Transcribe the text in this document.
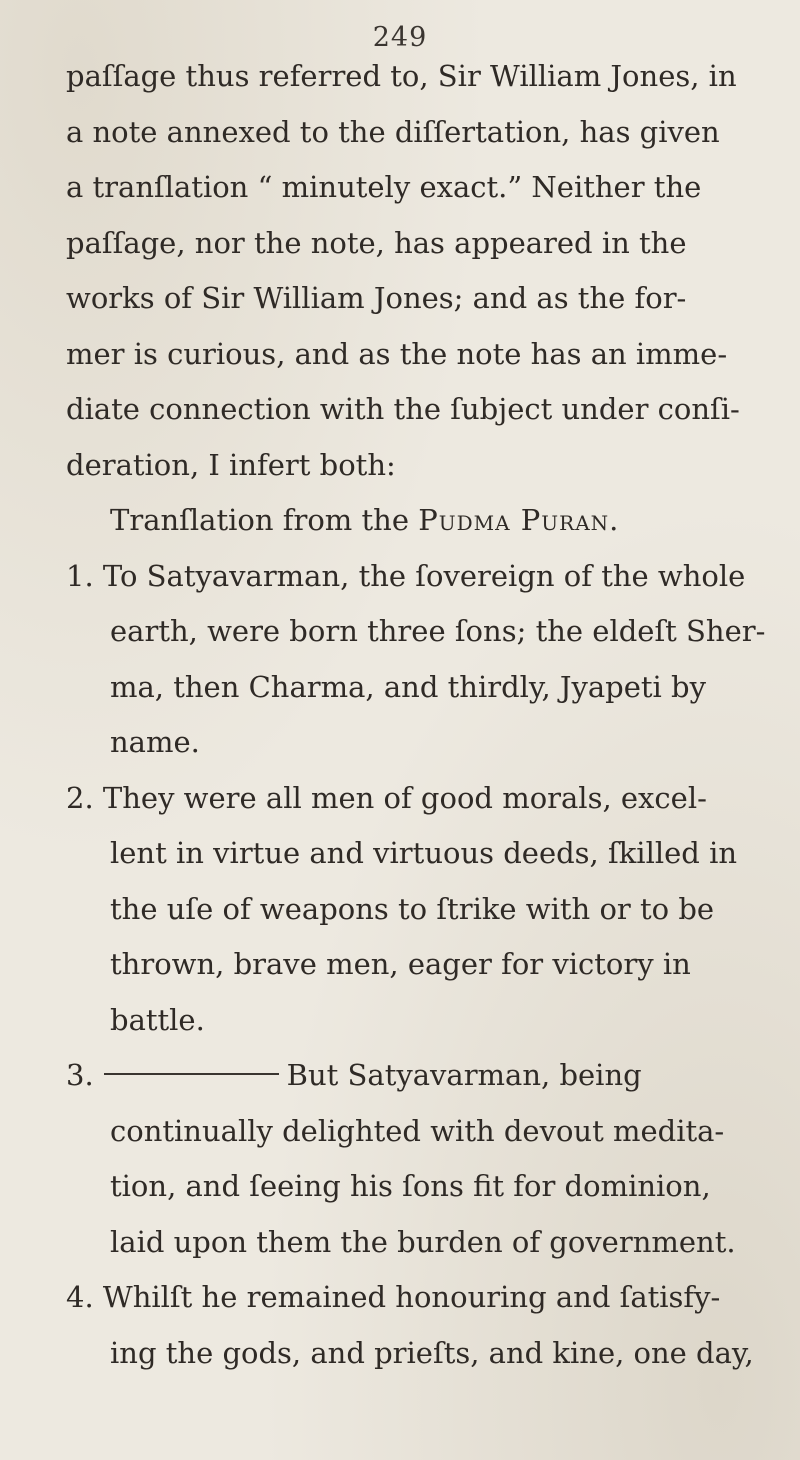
249
paſſage thus referred to, Sir William Jones, in
a note annexed to the diſſertation, has given
a tranſlation “ minutely exact.” Neither the
paſſage, nor the note, has appeared in the
works of Sir William Jones; and as the for-
mer is curious, and as the note has an imme-
diate connection with the ſubject under conſi-
deration, I infert both:
Tranſlation from the Pudma Puran.
1. To Satyavarman, the ſovereign of the whole
earth, were born three ſons; the eldeſt Sher-
ma, then Charma, and thirdly, Jyapeti by
name.
2. They were all men of good morals, excel-
lent in virtue and virtuous deeds, ſkilled in
the uſe of weapons to ſtrike with or to be
thrown, brave men, eager for victory in
battle.
3.	But Satyavarman, being
continually delighted with devout medita-
tion, and ſeeing his ſons fit for dominion,
laid upon them the burden of government.
4. Whilſt he remained honouring and ſatisfy-
ing the gods, and prieſts, and kine, one day,
